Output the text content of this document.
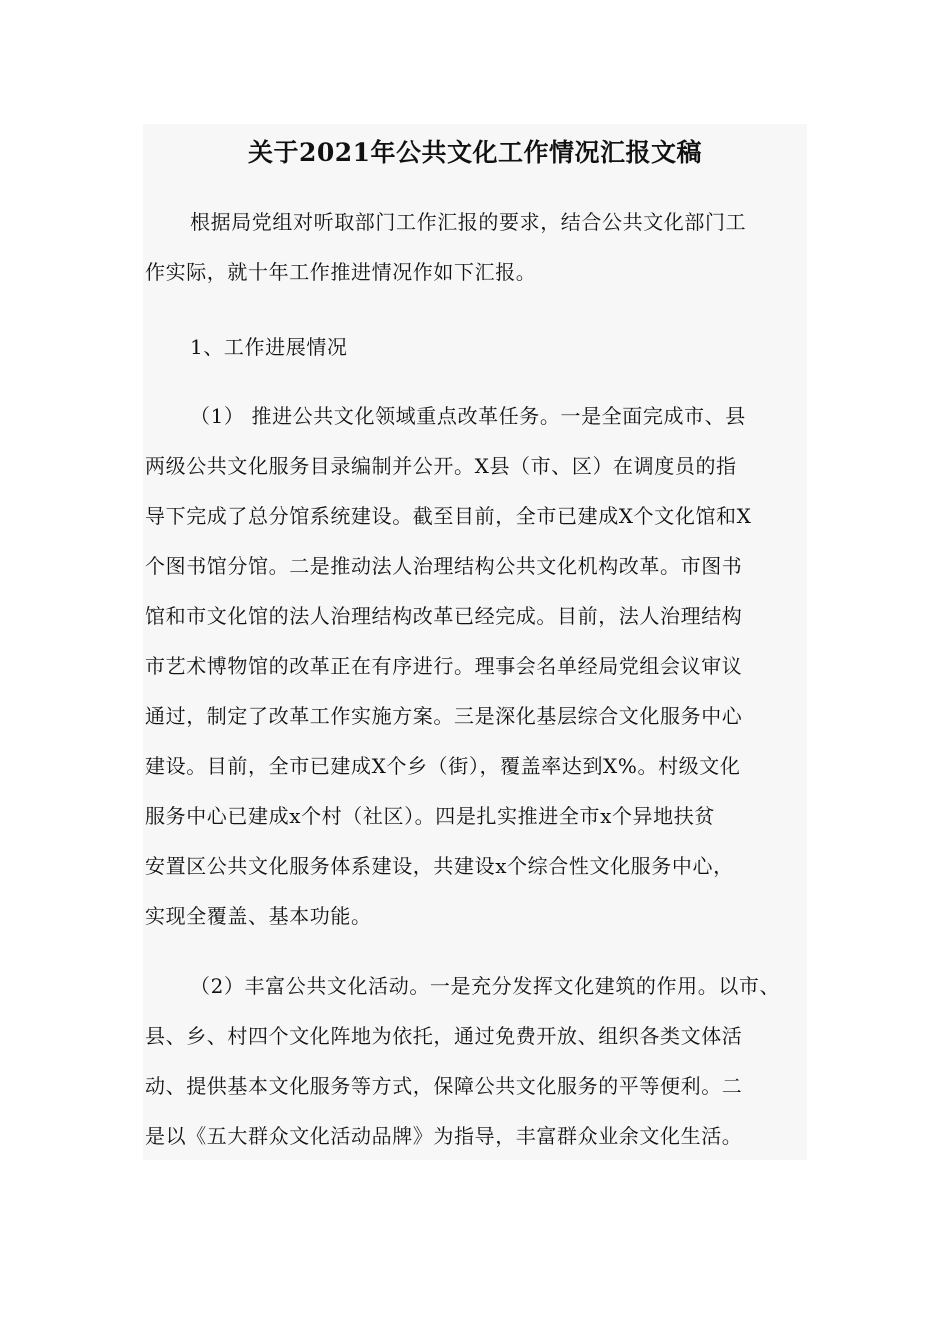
关于2021年公共文化工作情况汇报文稿
根据局党组对听取部门工作汇报的要求，结合公共文化部门工
作实际，就十年工作推进情况作如下汇报。
1、工作进展情况
（1） 推进公共文化领域重点改革任务。一是全面完成市、县
两级公共文化服务目录编制并公开。X县（市、区）在调度员的指
导下完成了总分馆系统建设。截至目前，全市已建成X个文化馆和X
个图书馆分馆。二是推动法人治理结构公共文化机构改革。市图书
馆和市文化馆的法人治理结构改革已经完成。目前，法人治理结构
市艺术博物馆的改革正在有序进行。理事会名单经局党组会议审议
通过，制定了改革工作实施方案。三是深化基层综合文化服务中心
建设。目前，全市已建成X个乡（街），覆盖率达到X%。村级文化
服务中心已建成x个村（社区）。四是扎实推进全市x个异地扶贫
安置区公共文化服务体系建设，共建设x个综合性文化服务中心，
实现全覆盖、基本功能。
（2）丰富公共文化活动。一是充分发挥文化建筑的作用。以市、
县、乡、村四个文化阵地为依托，通过免费开放、组织各类文体活
动、提供基本文化服务等方式，保障公共文化服务的平等便利。二
是以《五大群众文化活动品牌》为指导，丰富群众业余文化生活。
